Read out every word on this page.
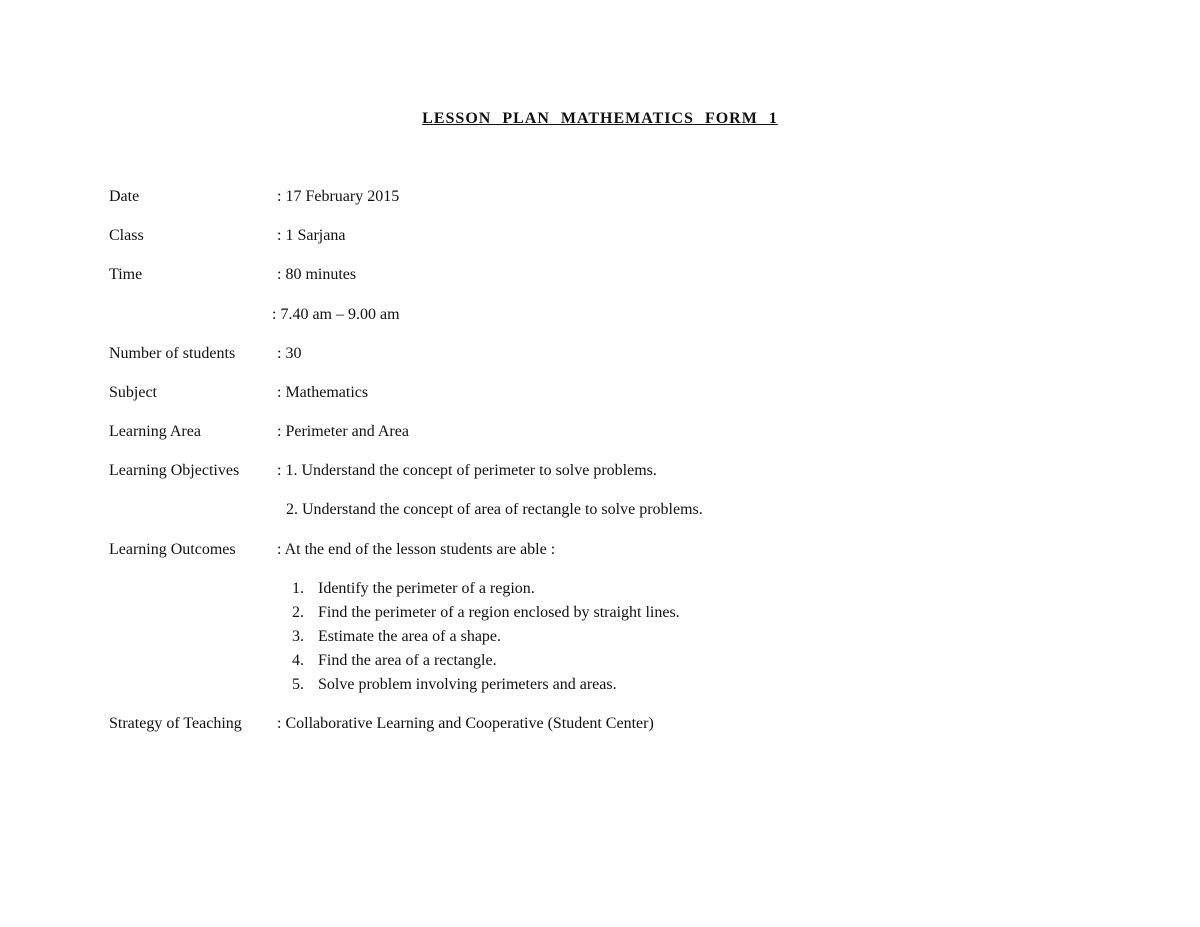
LESSON PLAN MATHEMATICS FORM 1
Date	: 17 February 2015
Class	: 1 Sarjana
Time	: 80 minutes
: 7.40 am – 9.00 am
Number of students	: 30
Subject	: Mathematics
Learning Area	: Perimeter and Area
Learning Objectives : 1. Understand the concept of perimeter to solve problems.
2. Understand the concept of area of rectangle to solve problems.
Learning Outcomes	: At the end of the lesson students are able :
1. Identify the perimeter of a region.
2. Find the perimeter of a region enclosed by straight lines.
3. Estimate the area of a shape.
4. Find the area of a rectangle.
5. Solve problem involving perimeters and areas.
Strategy of Teaching : Collaborative Learning and Cooperative (Student Center)
